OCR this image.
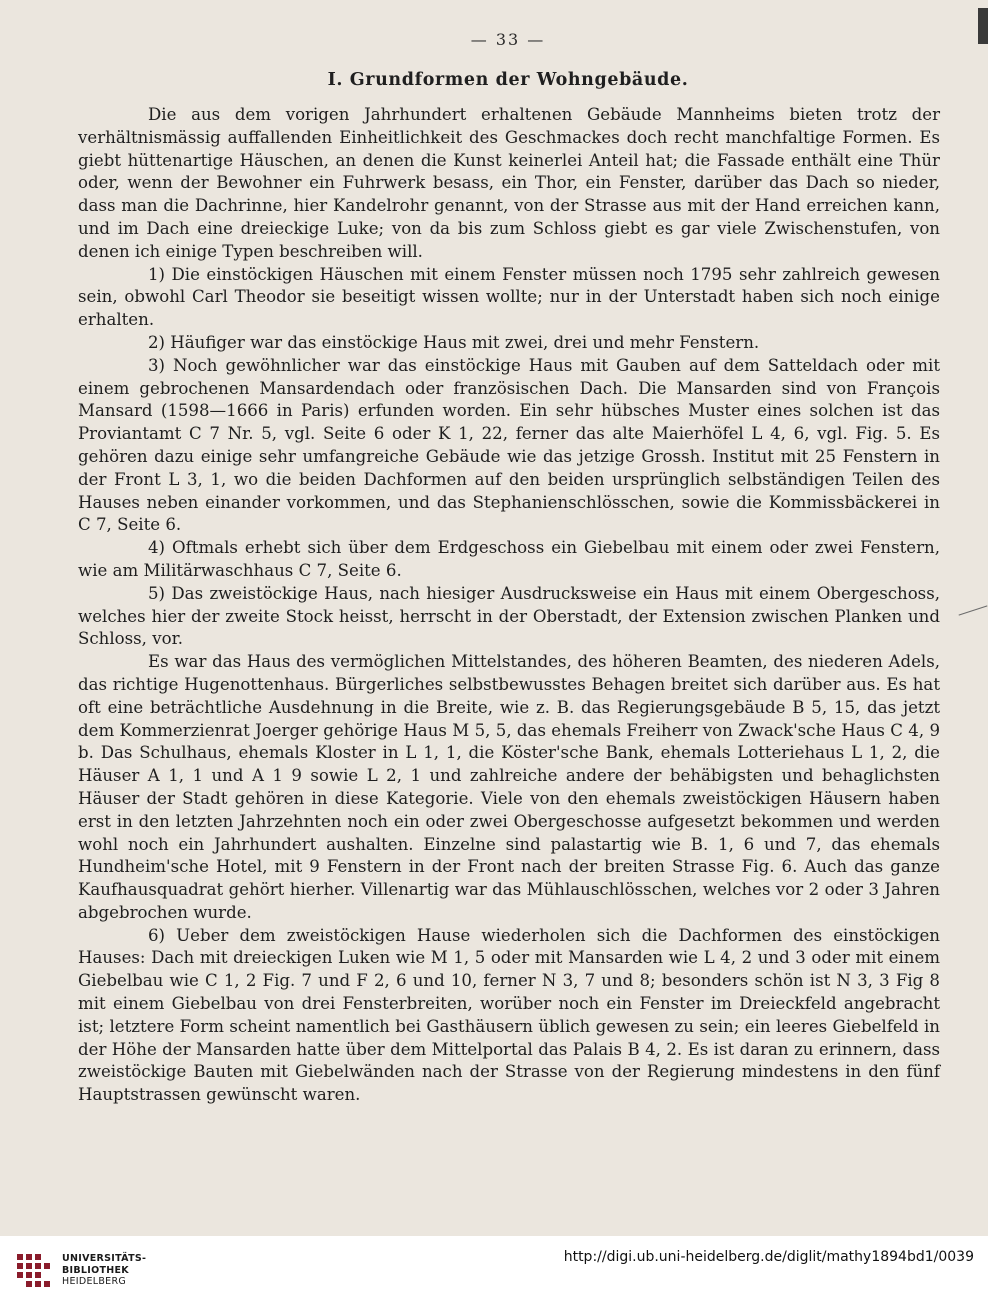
— 33 —
I. Grundformen der Wohngebäude.

Die aus dem vorigen Jahrhundert erhaltenen Gebäude Mannheims bieten trotz der verhältnismässig auffallenden Einheitlichkeit des Geschmackes doch recht manchfaltige Formen. Es giebt hüttenartige Häuschen, an denen die Kunst keinerlei Anteil hat; die Fassade enthält eine Thür oder, wenn der Bewohner ein Fuhrwerk besass, ein Thor, ein Fenster, darüber das Dach so nieder, dass man die Dachrinne, hier Kandelrohr genannt, von der Strasse aus mit der Hand erreichen kann, und im Dach eine dreieckige Luke; von da bis zum Schloss giebt es gar viele Zwischenstufen, von denen ich einige Typen beschreiben will.

1) Die einstöckigen Häuschen mit einem Fenster müssen noch 1795 sehr zahlreich gewesen sein, obwohl Carl Theodor sie beseitigt wissen wollte; nur in der Unterstadt haben sich noch einige erhalten.

2) Häufiger war das einstöckige Haus mit zwei, drei und mehr Fenstern.

3) Noch gewöhnlicher war das einstöckige Haus mit Gauben auf dem Satteldach oder mit einem gebrochenen Mansardendach oder französischen Dach. Die Mansarden sind von François Mansard (1598—1666 in Paris) erfunden worden. Ein sehr hübsches Muster eines solchen ist das Proviantamt C 7 Nr. 5, vgl. Seite 6 oder K 1, 22, ferner das alte Maierhöfel L 4, 6, vgl. Fig. 5. Es gehören dazu einige sehr umfangreiche Gebäude wie das jetzige Grossh. Institut mit 25 Fenstern in der Front L 3, 1, wo die beiden Dachformen auf den beiden ursprünglich selbständigen Teilen des Hauses neben einander vorkommen, und das Stephanienschlösschen, sowie die Kommissbäckerei in C 7, Seite 6.

4) Oftmals erhebt sich über dem Erdgeschoss ein Giebelbau mit einem oder zwei Fenstern, wie am Militärwaschhaus C 7, Seite 6.

5) Das zweistöckige Haus, nach hiesiger Ausdrucksweise ein Haus mit einem Obergeschoss, welches hier der zweite Stock heisst, herrscht in der Oberstadt, der Extension zwischen Planken und Schloss, vor.

Es war das Haus des vermöglichen Mittelstandes, des höheren Beamten, des niederen Adels, das richtige Hugenottenhaus. Bürgerliches selbstbewusstes Behagen breitet sich darüber aus. Es hat oft eine beträchtliche Ausdehnung in die Breite, wie z. B. das Regierungsgebäude B 5, 15, das jetzt dem Kommerzienrat Joerger gehörige Haus M 5, 5, das ehemals Freiherr von Zwack'sche Haus C 4, 9 b. Das Schulhaus, ehemals Kloster in L 1, 1, die Köster'sche Bank, ehemals Lotteriehaus L 1, 2, die Häuser A 1, 1 und A 1 9 sowie L 2, 1 und zahlreiche andere der behäbigsten und behaglichsten Häuser der Stadt gehören in diese Kategorie. Viele von den ehemals zweistöckigen Häusern haben erst in den letzten Jahrzehnten noch ein oder zwei Obergeschosse aufgesetzt bekommen und werden wohl noch ein Jahrhundert aushalten. Einzelne sind palastartig wie B. 1, 6 und 7, das ehemals Hundheim'sche Hotel, mit 9 Fenstern in der Front nach der breiten Strasse Fig. 6. Auch das ganze Kaufhausquadrat gehört hierher. Villenartig war das Mühlauschlösschen, welches vor 2 oder 3 Jahren abgebrochen wurde.

6) Ueber dem zweistöckigen Hause wiederholen sich die Dachformen des einstöckigen Hauses: Dach mit dreieckigen Luken wie M 1, 5 oder mit Mansarden wie L 4, 2 und 3 oder mit einem Giebelbau wie C 1, 2 Fig. 7 und F 2, 6 und 10, ferner N 3, 7 und 8; besonders schön ist N 3, 3 Fig 8 mit einem Giebelbau von drei Fensterbreiten, worüber noch ein Fenster im Dreieckfeld angebracht ist; letztere Form scheint namentlich bei Gasthäusern üblich gewesen zu sein; ein leeres Giebelfeld in der Höhe der Mansarden hatte über dem Mittelportal das Palais B 4, 2. Es ist daran zu erinnern, dass zweistöckige Bauten mit Giebelwänden nach der Strasse von der Regierung mindestens in den fünf Hauptstrassen gewünscht waren.

UNIVERSITÄTS-
BIBLIOTHEK
HEIDELBERG
http://digi.ub.uni-heidelberg.de/diglit/mathy1894bd1/0039
